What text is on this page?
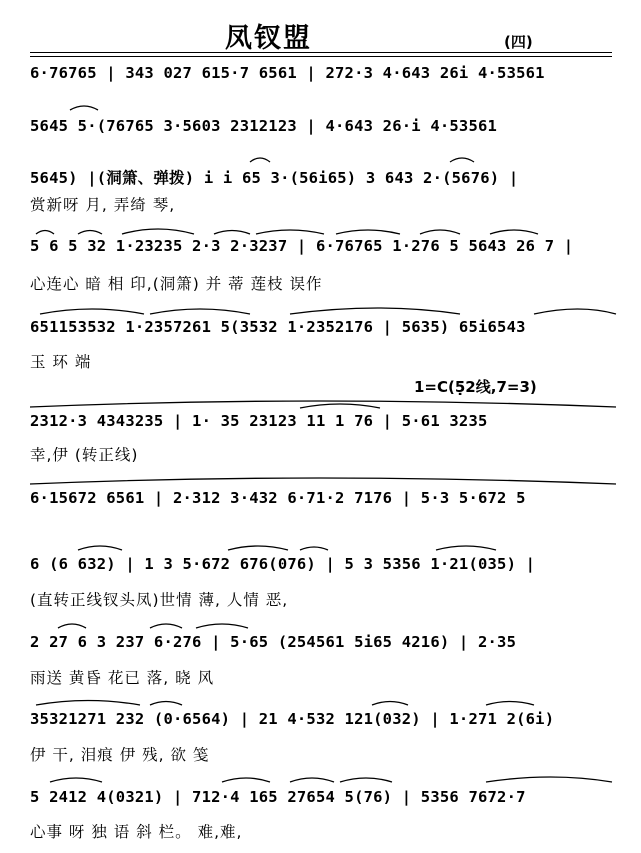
凤钗盟	(四)
6·76765 | 343 027 615·7 6561 | 272·3 4·643 26i 4·53561
5645 5·(76765 3·5603 2312123 | 4·643 26·i 4·53561
5645) |(洞箫、弹拨) i i 65 3·(56i65) 3 643 2·(5676) |
赏新呀 月, 弄绮 琴,
5 6 5 32 1·23235 2·3 2·3237 | 6·76765 1·276 5 5643 26 7 |
心连心 暗 相 印,(洞箫) 并 蒂 莲枝 误作
651153532 1·2357261 5(3532 1·2352176 | 5635) 65i6543
玉 环 端
1=C(5̣2线,7=3)
2312·3 4343235 | 1· 35 23123 11 1 76 | 5·61 3235
幸,伊 (转正线)
6·15672 6561 | 2·312 3·432 6·71·2 7176 | 5·3 5·672 5
6 (6 632) | 1 3 5·672 676(076) | 5 3 5356 1·21(035) |
(直转正线钗头凤)世情 薄, 人情 恶,
2 27 6 3 237 6·276 | 5·65 (254561 5i65 4216) | 2·35
雨送 黄昏 花已 落, 晓 风
35321271 232 (0·6564) | 21 4·532 121(032) | 1·271 2(6i)
伊 干, 泪痕 伊 残, 欲 笺
5 2412 4(0321) | 712·4 165 27654 5(76) | 5356 7672·7
心事 呀 独 语 斜 栏。 难,难,
